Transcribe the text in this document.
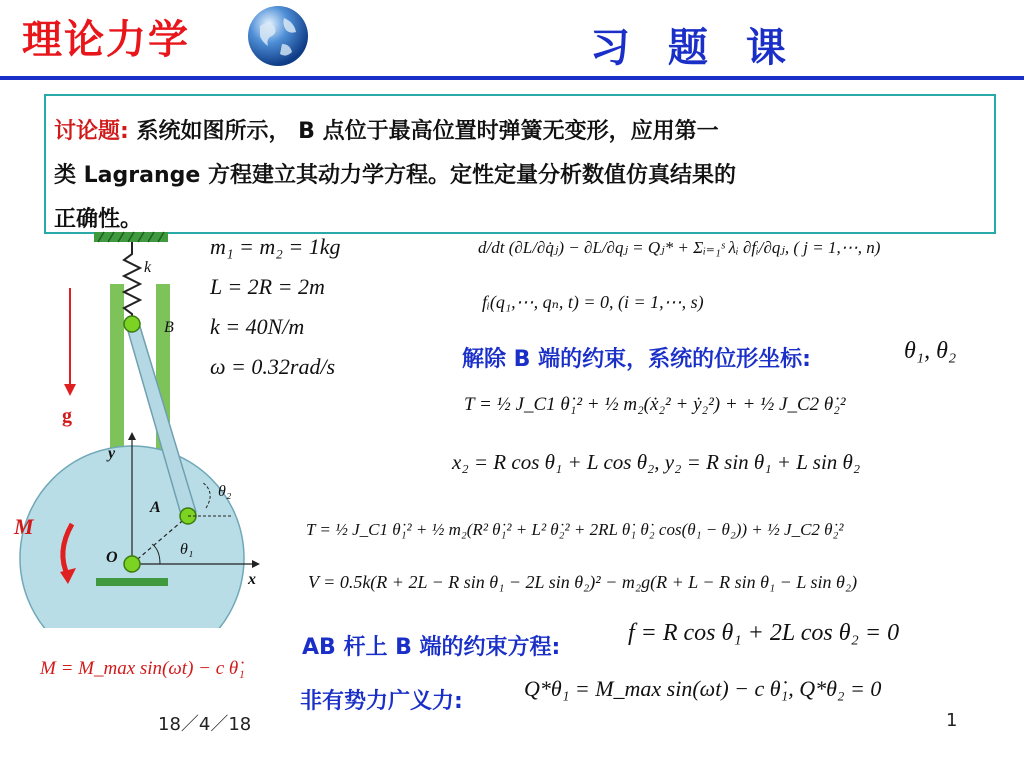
理论力学	习 题 课
讨论题: 系统如图所示， B 点位于最高位置时弹簧无变形，应用第一
类 Lagrange 方程建立其动力学方程。定性定量分析数值仿真结果的
正确性。
k
g
y
x
B
A
O
θ₂
θ₁
M
M = M_max sin(ωt) − c θ̇₁
m₁ = m₂ = 1kg
L = 2R = 2m
k = 40N/m
ω = 0.32rad/s
d/dt (∂L/∂q̇ⱼ) − ∂L/∂qⱼ = Qⱼ* + Σᵢ₌₁ˢ λᵢ ∂fᵢ/∂qⱼ, ( j = 1,⋯, n)
fᵢ(q₁,⋯, qₙ, t) = 0, (i = 1,⋯, s)
解除 B 端的约束，系统的位形坐标:	θ₁, θ₂
T = ½ J_C1 θ̇₁² + ½ m₂(ẋ₂² + ẏ₂²) + + ½ J_C2 θ̇₂²
x₂ = R cos θ₁ + L cos θ₂, y₂ = R sin θ₁ + L sin θ₂
T = ½ J_C1 θ̇₁² + ½ m₂(R² θ̇₁² + L² θ̇₂² + 2RL θ̇₁ θ̇₂ cos(θ₁ − θ₂)) + ½ J_C2 θ̇₂²
V = 0.5k(R + 2L − R sin θ₁ − 2L sin θ₂)² − m₂g(R + L − R sin θ₁ − L sin θ₂)
AB 杆上 B 端的约束方程:
f = R cos θ₁ + 2L cos θ₂ = 0
非有势力广义力:
Q*θ₁ = M_max sin(ωt) − c θ̇₁, Q*θ₂ = 0
18／4／18	1
